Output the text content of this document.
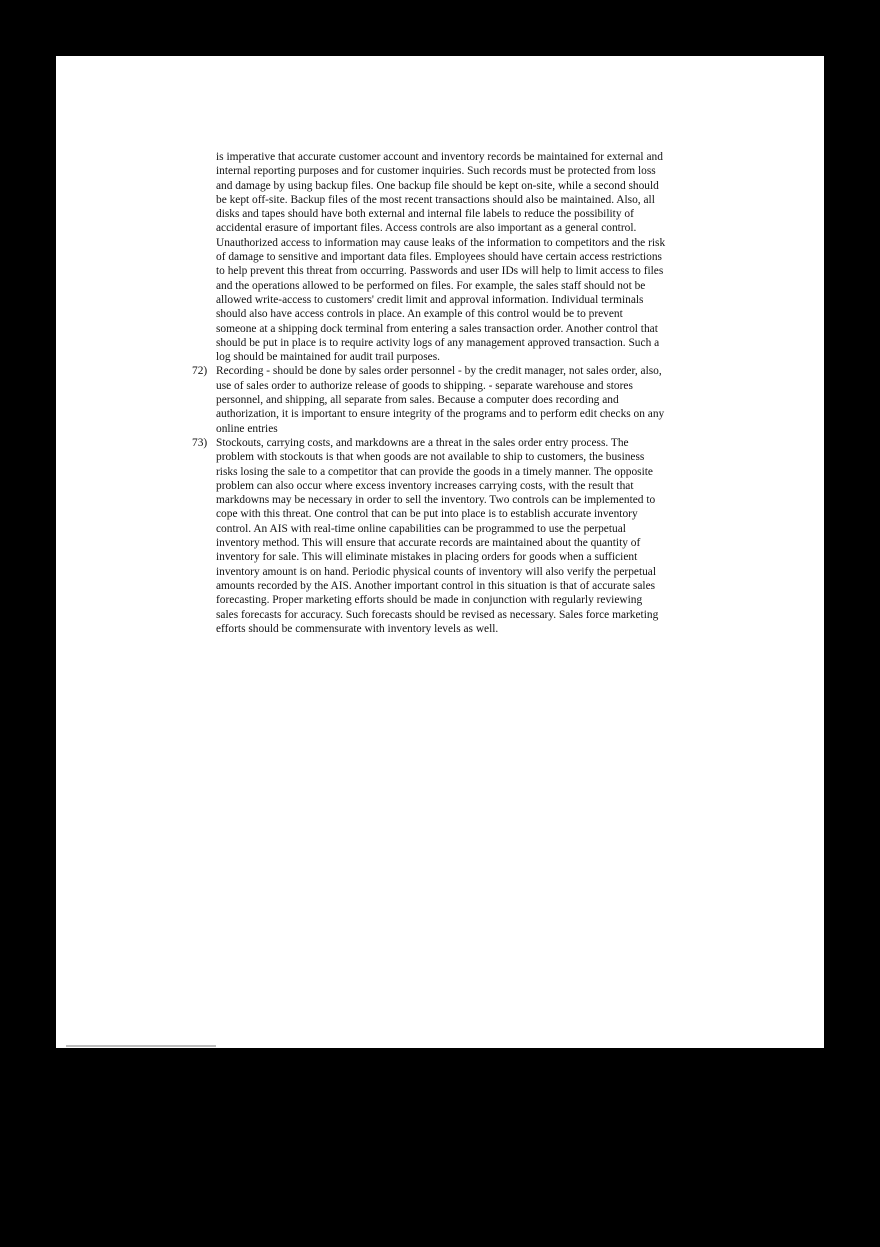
is imperative that accurate customer account and inventory records be maintained for external and
internal reporting purposes and for customer inquiries. Such records must be protected from loss
and damage by using backup files. One backup file should be kept on-site, while a second should
be kept off-site. Backup files of the most recent transactions should also be maintained. Also, all
disks and tapes should have both external and internal file labels to reduce the possibility of
accidental erasure of important files. Access controls are also important as a general control.
Unauthorized access to information may cause leaks of the information to competitors and the risk
of damage to sensitive and important data files. Employees should have certain access restrictions
to help prevent this threat from occurring. Passwords and user IDs will help to limit access to files
and the operations allowed to be performed on files. For example, the sales staff should not be
allowed write-access to customers' credit limit and approval information. Individual terminals
should also have access controls in place. An example of this control would be to prevent
someone at a shipping dock terminal from entering a sales transaction order. Another control that
should be put in place is to require activity logs of any management approved transaction. Such a
log should be maintained for audit trail purposes.
72) Recording - should be done by sales order personnel - by the credit manager, not sales order, also,
use of sales order to authorize release of goods to shipping. - separate warehouse and stores
personnel, and shipping, all separate from sales. Because a computer does recording and
authorization, it is important to ensure integrity of the programs and to perform edit checks on any
online entries
73) Stockouts, carrying costs, and markdowns are a threat in the sales order entry process. The
problem with stockouts is that when goods are not available to ship to customers, the business
risks losing the sale to a competitor that can provide the goods in a timely manner. The opposite
problem can also occur where excess inventory increases carrying costs, with the result that
markdowns may be necessary in order to sell the inventory. Two controls can be implemented to
cope with this threat. One control that can be put into place is to establish accurate inventory
control. An AIS with real-time online capabilities can be programmed to use the perpetual
inventory method. This will ensure that accurate records are maintained about the quantity of
inventory for sale. This will eliminate mistakes in placing orders for goods when a sufficient
inventory amount is on hand. Periodic physical counts of inventory will also verify the perpetual
amounts recorded by the AIS. Another important control in this situation is that of accurate sales
forecasting. Proper marketing efforts should be made in conjunction with regularly reviewing
sales forecasts for accuracy. Such forecasts should be revised as necessary. Sales force marketing
efforts should be commensurate with inventory levels as well.
